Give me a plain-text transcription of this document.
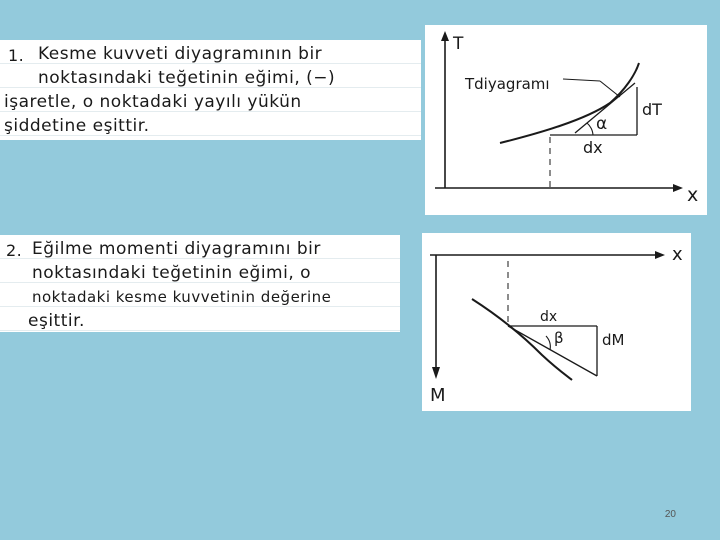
1. Kesme kuvveti diyagramının bir
noktasındaki teğetinin eğimi, (−)
işaretle, o noktadaki yayılı yükün
şiddetine eşittir.
2. Eğilme momenti diyagramını bir
noktasındaki teğetinin eğimi, o
noktadaki kesme kuvvetinin değerine
eşittir.
T
x
α
dT
dx
Tdiyagramı
x
M
β
dx
dM
20
